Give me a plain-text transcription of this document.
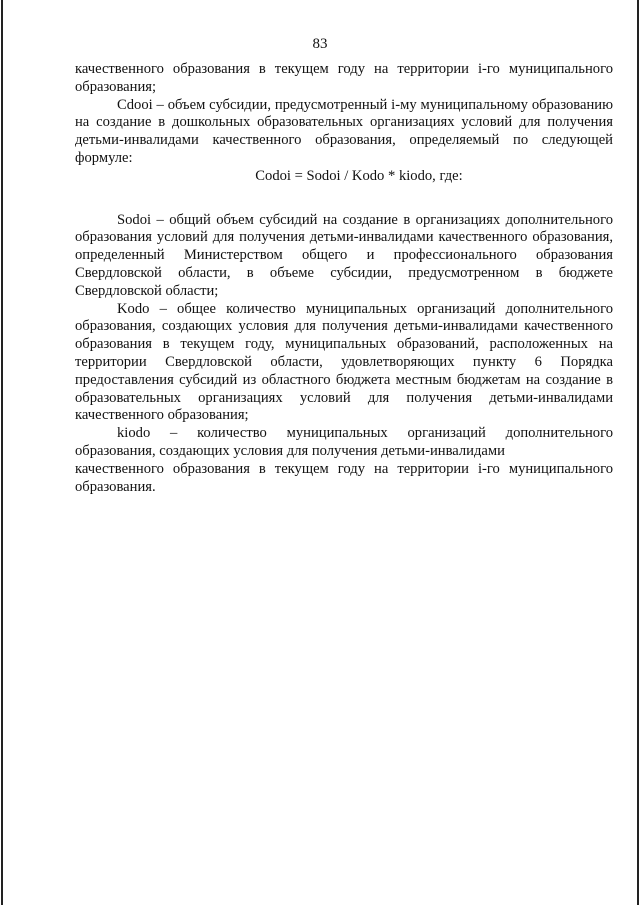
83

качественного образования в текущем году на территории i-го муниципального образования;

Cdooi – объем субсидии, предусмотренный i-му муниципальному образованию на создание в дошкольных образовательных организациях условий для получения детьми-инвалидами качественного образования, определяемый по следующей формуле:

Codoi = Sodoi / Kodo * kiodo, где:

Sodoi – общий объем субсидий на создание в организациях дополнительного образования условий для получения детьми-инвалидами качественного образования, определенный Министерством общего и профессионального образования Свердловской области, в объеме субсидии, предусмотренном в бюджете Свердловской области;

Kodo – общее количество муниципальных организаций дополнительного образования, создающих условия для получения детьми-инвалидами качественного образования в текущем году, муниципальных образований, расположенных на территории Свердловской области, удовлетворяющих пункту 6 Порядка предоставления субсидий из областного бюджета местным бюджетам на создание в образовательных организациях условий для получения детьми-инвалидами качественного образования;

kiodo – количество муниципальных организаций дополнительного образования, создающих условия для получения детьми-инвалидами

качественного образования в текущем году на территории i-го муниципального образования.
